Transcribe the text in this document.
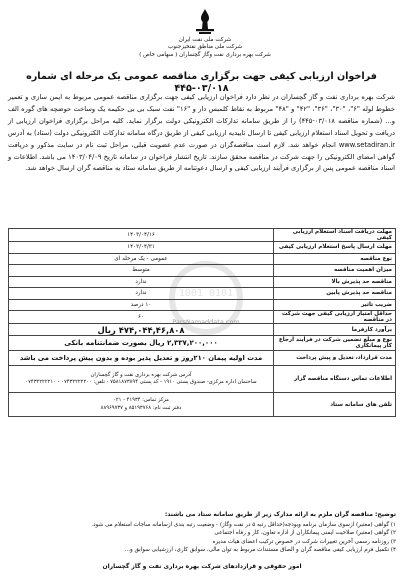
شرکت ملی نفت ایران
شرکت ملی مناطق نفتخیزجنوب
شرکت بهره برداری نفت وگاز گچساران ( سهامی خاص )
0101 1001
ParsNamaddata.com
فراخوان ارزیابی کیفی جهت برگزاری مناقصه عمومی یک مرحله ای شماره ۰۳/۰۱۸-۴۴۵

شرکت بهره برداری نفت و گاز گچساران در نظر دارد فراخوان ارزیابی کیفی جهت برگزاری مناقصه عمومی مربوط به ایمن سازی و تعمیر خطوط لوله "۶"، "۳۰"، "۳۶"، "۴۲" و "۴۸" مربوط به نقاط کلمبس دار و "۱۶" نفت سبک بی بی حکیمه یک وساخت حوضچه های گوره الف و... (شماره مناقصه ۰۳/۰۱۸-۴۴۵) را از طریق سامانه تدارکات الکترونیکی دولت برگزار نماید. کلیه مراحل برگزاری فراخوان ارزیابی از دریافت و تحویل اسناد استعلام ارزیابی کیفی تا ارسال تاییدیه ارزیابی کیفی از طریق درگاه سامانه تدارکات الکترونیکی دولت (ستاد) به آدرس www.setadiran.ir انجام خواهد شد. لازم است مناقصه‌گران در صورت عدم عضویت قبلی، مراحل ثبت نام در سایت مذکور و دریافت گواهی امضای الکترونیکی را جهت شرکت در مناقصه محقق سازند. تاریخ انتشار فراخوان در سامانه تاریخ ۱۴۰۳/۰۴/۰۹ می باشد. اطلاعات و اسناد مناقصه عمومی پس از برگزاری فرآیند ارزیابی کیفی و ارسال دعوتنامه از طریق سامانه ستاد به مناقصه گران ارسال خواهد شد.

مهلت دریافت اسناد استعلام ارزیابی کیفی	۱۴۰۳/۰۴/۱۶
مهلت ارسال پاسخ استعلام ارزیابی کیفی	۱۴۰۳/۰۴/۳۱
نوع مناقصه	عمومی - یک مرحله ای
میزان اهمیت مناقصه	متوسط
مناقصه حد پذیرش بالا	ندارد
مناقصه حد پذیرش پایین	ندارد
ضریب تاثیر	۱۰ درصد
حداقل امتیاز ارزیابی کیفی جهت شرکت در مناقصه	۶۰
برآورد کارفرما	۴۷۴,۰۴۴,۴۶,۸۰۸ ریال
نوع و مبلغ تضمین شرکت در فرایند ارجاع کار پیمانکاری	۲,۳۳۷,۲۰۰,۰۰۰ ریال بصورت ضمانتنامه بانکی
مدت قرارداد، تعدیل و پیش پرداخت	مدت اولیه پیمان ۲۱۰روز و تعدیل پذیر بوده و بدون پیش پرداخت می باشد
اطلاعات تماس دستگاه مناقصه گزار	آدرس شرکت بهره برداری نفت و گاز گچساران
ساختمان اداره مرکزی- صندوق پستی ۱۹۱۰ - کد پستی ۷۵۸۱۸۷۳۸۹۴ - تلفن: ۰۷۴۳۲۲۲۲۲۰۰ - ۰۷۴۳۲۲۲۲۲۱۰

تلفن های سامانه ستاد	مرکز تماس: ۴۱۹۳۴ - ۰۲۱
دفتر ثبت نام: ۸۵۱۹۳۷۶۸ و ۸۸۹۶۹۷۳۷
توضیح: مناقصه گران ملزم به ارائه مدارک زیر از طریق سامانه ستاد می باشند:
۱) گواهی (معتبر) ازسوی سازمان برنامه وبودجه(حداقل رتبه ۵ در نفت وگاز) - وضعیت رتبه بندی ازسامانه ساجات استعلام می شود.
۲) گواهی (معتبر) صلاحیت ایمنی پیمانکاران از اداره تعاون، کار و رفاه اجتماعی
۳) روزنامه رسمی آخرین تغییرات شرکت در خصوص ترکیب اعضای هیات مدیره
۴) تکمیل فرم ارزیابی کیفی مناقصه گران و الصاق مستندات مربوط به توان مالی، سوابق کاری، ارزشیابی سوابق و...
امور حقوقی و قراردادهای شرکت بهره برداری نفت و گاز گچساران
